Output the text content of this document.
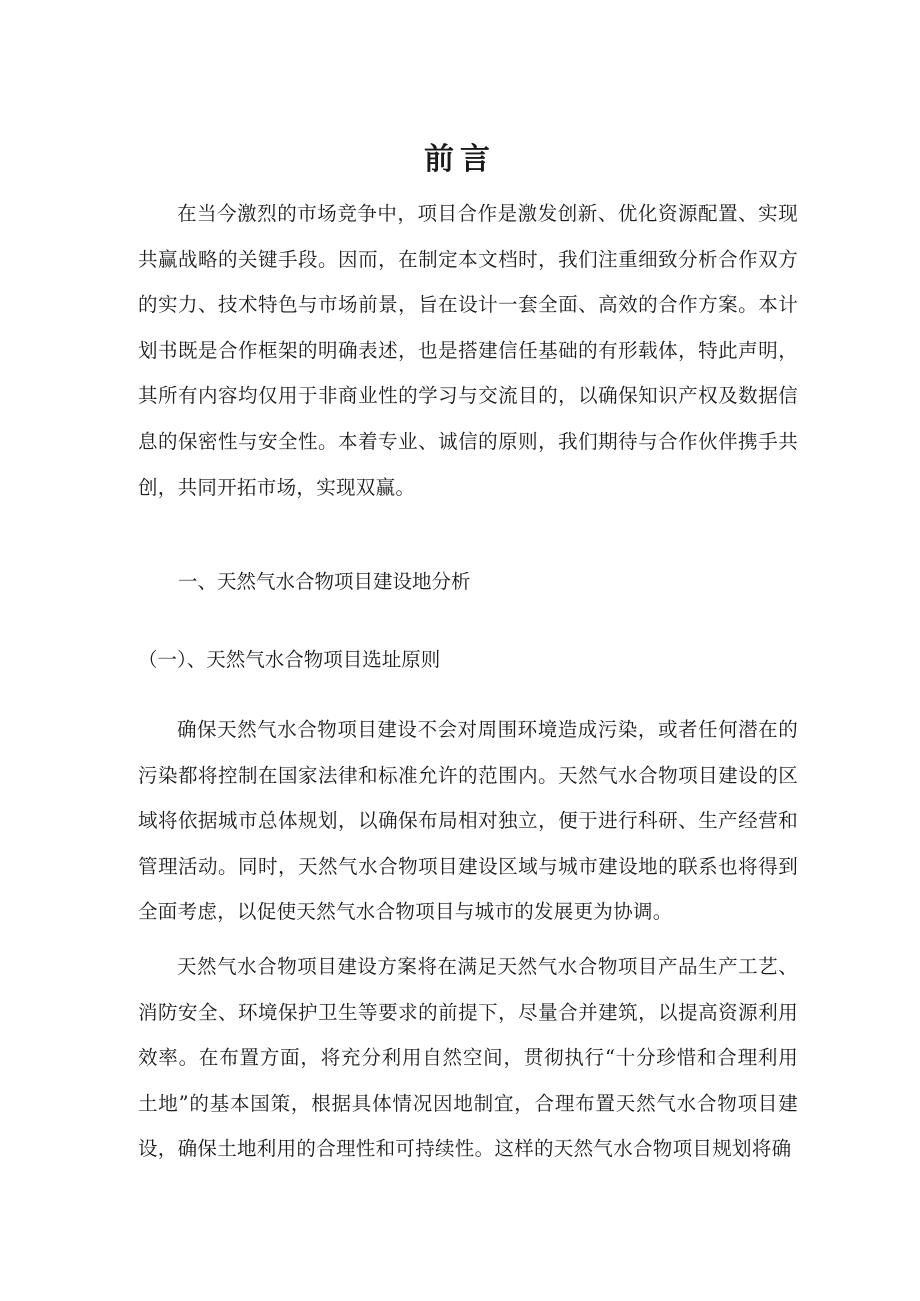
前言

在当今激烈的市场竞争中，项目合作是激发创新、优化资源配置、实现共赢战略的关键手段。因而，在制定本文档时，我们注重细致分析合作双方的实力、技术特色与市场前景，旨在设计一套全面、高效的合作方案。本计划书既是合作框架的明确表述，也是搭建信任基础的有形载体，特此声明，其所有内容均仅用于非商业性的学习与交流目的，以确保知识产权及数据信息的保密性与安全性。本着专业、诚信的原则，我们期待与合作伙伴携手共创，共同开拓市场，实现双赢。

一、天然气水合物项目建设地分析

（一）、天然气水合物项目选址原则

确保天然气水合物项目建设不会对周围环境造成污染，或者任何潜在的污染都将控制在国家法律和标准允许的范围内。天然气水合物项目建设的区域将依据城市总体规划，以确保布局相对独立，便于进行科研、生产经营和管理活动。同时，天然气水合物项目建设区域与城市建设地的联系也将得到全面考虑，以促使天然气水合物项目与城市的发展更为协调。

天然气水合物项目建设方案将在满足天然气水合物项目产品生产工艺、消防安全、环境保护卫生等要求的前提下，尽量合并建筑，以提高资源利用效率。在布置方面，将充分利用自然空间，贯彻执行“十分珍惜和合理利用土地”的基本国策，根据具体情况因地制宜，合理布置天然气水合物项目建设，确保土地利用的合理性和可持续性。这样的天然气水合物项目规划将确
